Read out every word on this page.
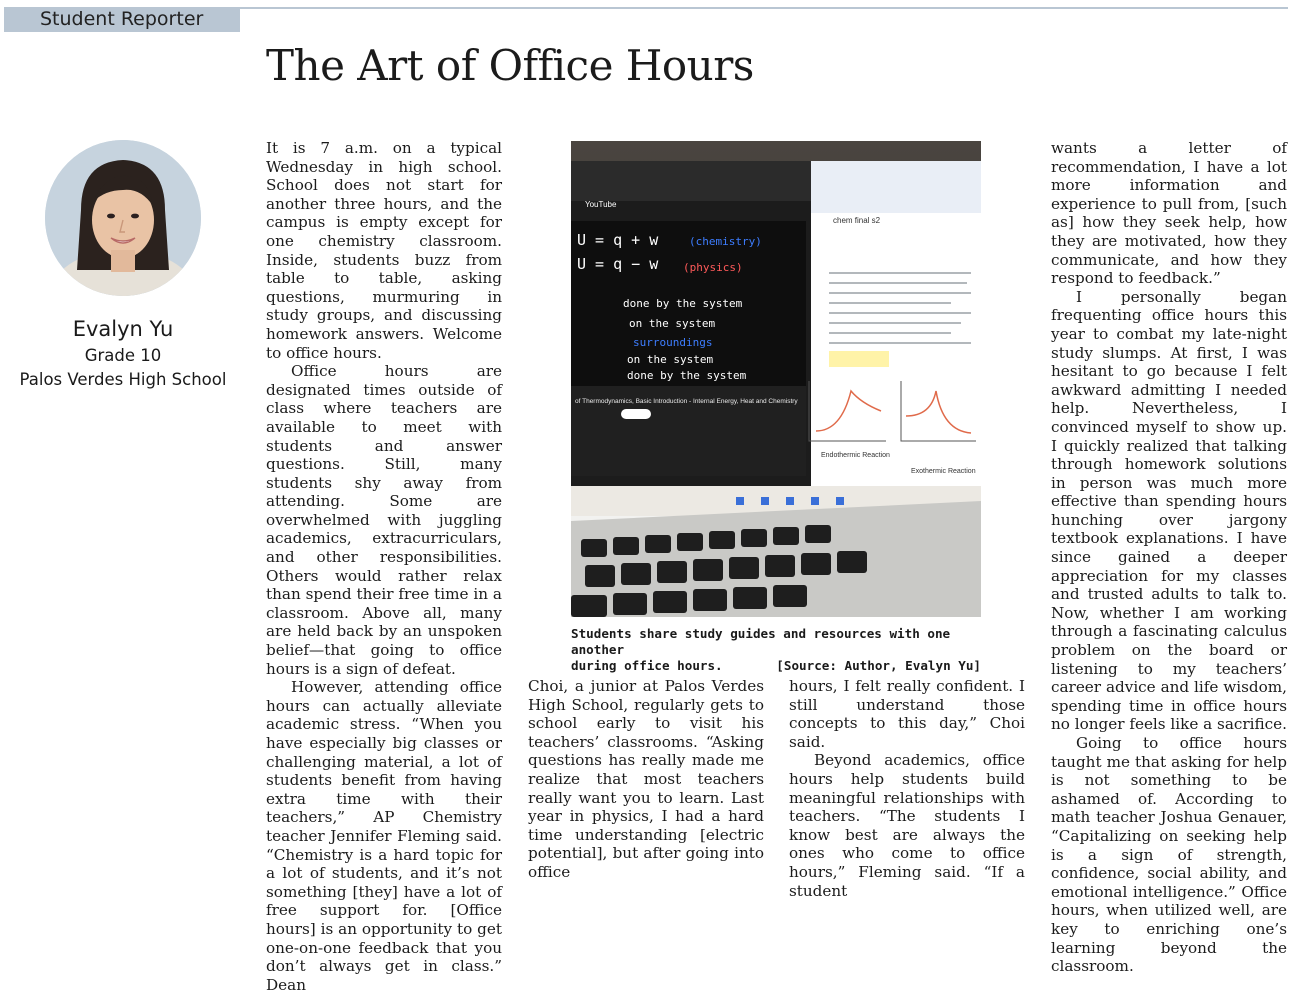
Student Reporter
The Art of Office Hours
Evalyn Yu
Grade 10
Palos Verdes High School

It is 7 a.m. on a typical Wednesday in high school. School does not start for another three hours, and the campus is empty except for one chemistry classroom. Inside, students buzz from table to table, asking questions, murmuring in study groups, and discussing homework answers. Welcome to office hours.

Office hours are designated times outside of class where teachers are available to meet with students and answer questions. Still, many students shy away from attending. Some are overwhelmed with juggling academics, extracurriculars, and other responsibilities. Others would rather relax than spend their free time in a classroom. Above all, many are held back by an unspoken belief—that going to office hours is a sign of defeat.

However, attending office hours can actually alleviate academic stress. “When you have especially big classes or challenging material, a lot of students benefit from having extra time with their teachers,” AP Chemistry teacher Jennifer Fleming said. “Chemistry is a hard topic for a lot of students, and it’s not something [they] have a lot of free support for. [Office hours] is an opportunity to get one-on-one feedback that you don’t always get in class.” Dean

YouTube
U = q + w
U = q − w
(chemistry)
(physics)
done by the system
on the system
on the system
done by the system
surroundings
of Thermodynamics, Basic Introduction - Internal Energy, Heat and Chemistry
chem final s2
Endothermic Reaction
Exothermic Reaction
Students share study guides and resources with one another
during office hours.	[Source: Author, Evalyn Yu]

Choi, a junior at Palos Verdes High School, regularly gets to school early to visit his teachers’ classrooms. “Asking questions has really made me realize that most teachers really want you to learn. Last year in physics, I had a hard time understanding [electric potential], but after going into office

hours, I felt really confident. I still understand those concepts to this day,” Choi said.

Beyond academics, office hours help students build meaningful relationships with teachers. “The students I know best are always the ones who come to office hours,” Fleming said. “If a student

wants a letter of recommendation, I have a lot more information and experience to pull from, [such as] how they seek help, how they are motivated, how they communicate, and how they respond to feedback.”

I personally began frequenting office hours this year to combat my late-night study slumps. At first, I was hesitant to go because I felt awkward admitting I needed help. Nevertheless, I convinced myself to show up. I quickly realized that talking through homework solutions in person was much more effective than spending hours hunching over jargony textbook explanations. I have since gained a deeper appreciation for my classes and trusted adults to talk to. Now, whether I am working through a fascinating calculus problem on the board or listening to my teachers’ career advice and life wisdom, spending time in office hours no longer feels like a sacrifice.

Going to office hours taught me that asking for help is not something to be ashamed of. According to math teacher Joshua Genauer, “Capitalizing on seeking help is a sign of strength, confidence, social ability, and emotional intelligence.” Office hours, when utilized well, are key to enriching one’s learning beyond the classroom.
